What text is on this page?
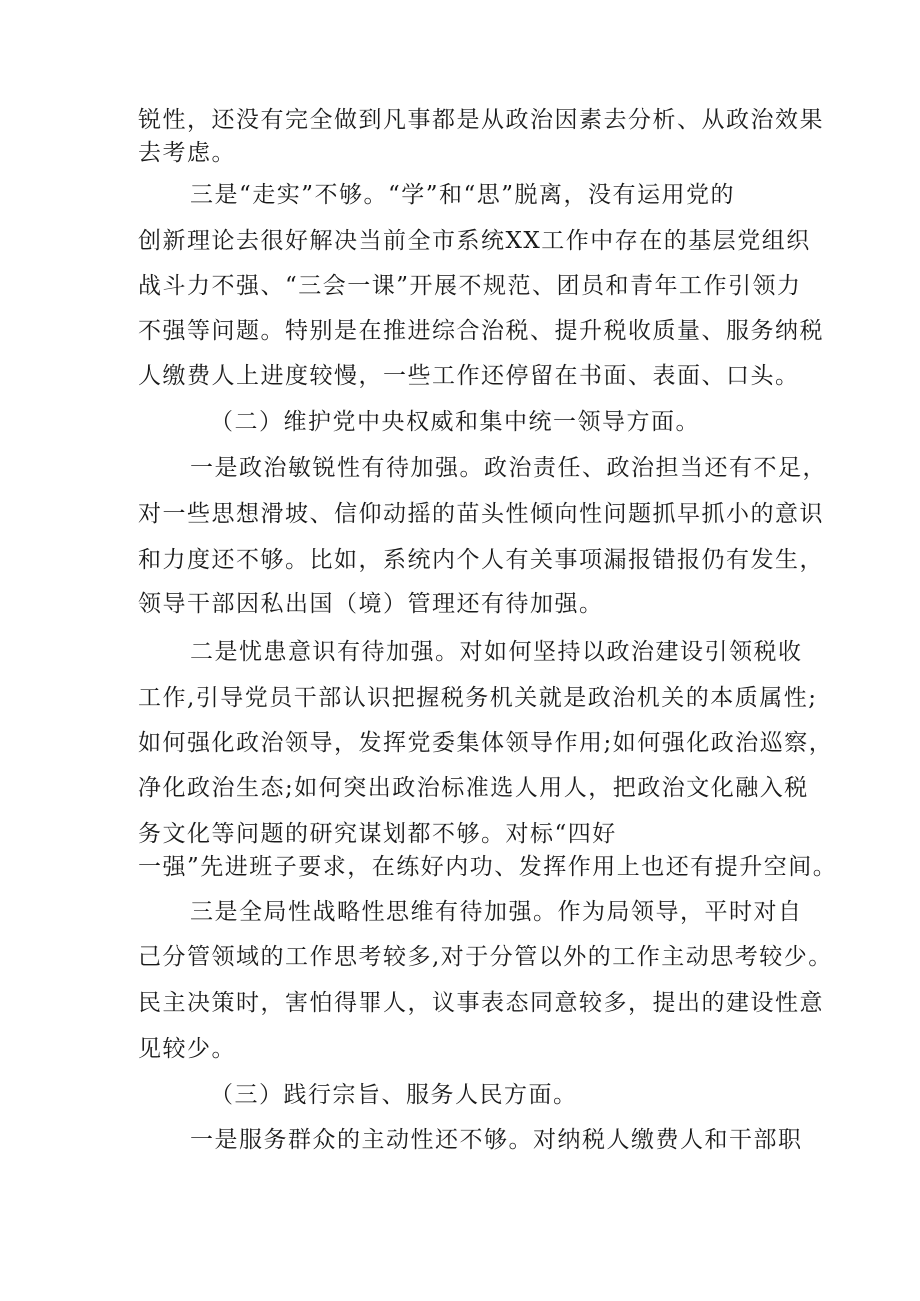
锐性，还没有完全做到凡事都是从政治因素去分析、从政治效果
去考虑。
三是“走实”不够。“学”和“思”脱离，没有运用党的
创新理论去很好解决当前全市系统XX工作中存在的基层党组织
战斗力不强、“三会一课”开展不规范、团员和青年工作引领力
不强等问题。特别是在推进综合治税、提升税收质量、服务纳税
人缴费人上进度较慢，一些工作还停留在书面、表面、口头。
（二）维护党中央权威和集中统一领导方面。
一是政治敏锐性有待加强。政治责任、政治担当还有不足，
对一些思想滑坡、信仰动摇的苗头性倾向性问题抓早抓小的意识
和力度还不够。比如，系统内个人有关事项漏报错报仍有发生，
领导干部因私出国（境）管理还有待加强。
二是忧患意识有待加强。对如何坚持以政治建设引领税收
工作,引导党员干部认识把握税务机关就是政治机关的本质属性;
如何强化政治领导，发挥党委集体领导作用;如何强化政治巡察，
净化政治生态;如何突出政治标准选人用人，把政治文化融入税
务文化等问题的研究谋划都不够。对标“四好
一强”先进班子要求，在练好内功、发挥作用上也还有提升空间。
三是全局性战略性思维有待加强。作为局领导，平时对自
己分管领域的工作思考较多,对于分管以外的工作主动思考较少。
民主决策时，害怕得罪人，议事表态同意较多，提出的建设性意
见较少。
（三）践行宗旨、服务人民方面。
一是服务群众的主动性还不够。对纳税人缴费人和干部职
